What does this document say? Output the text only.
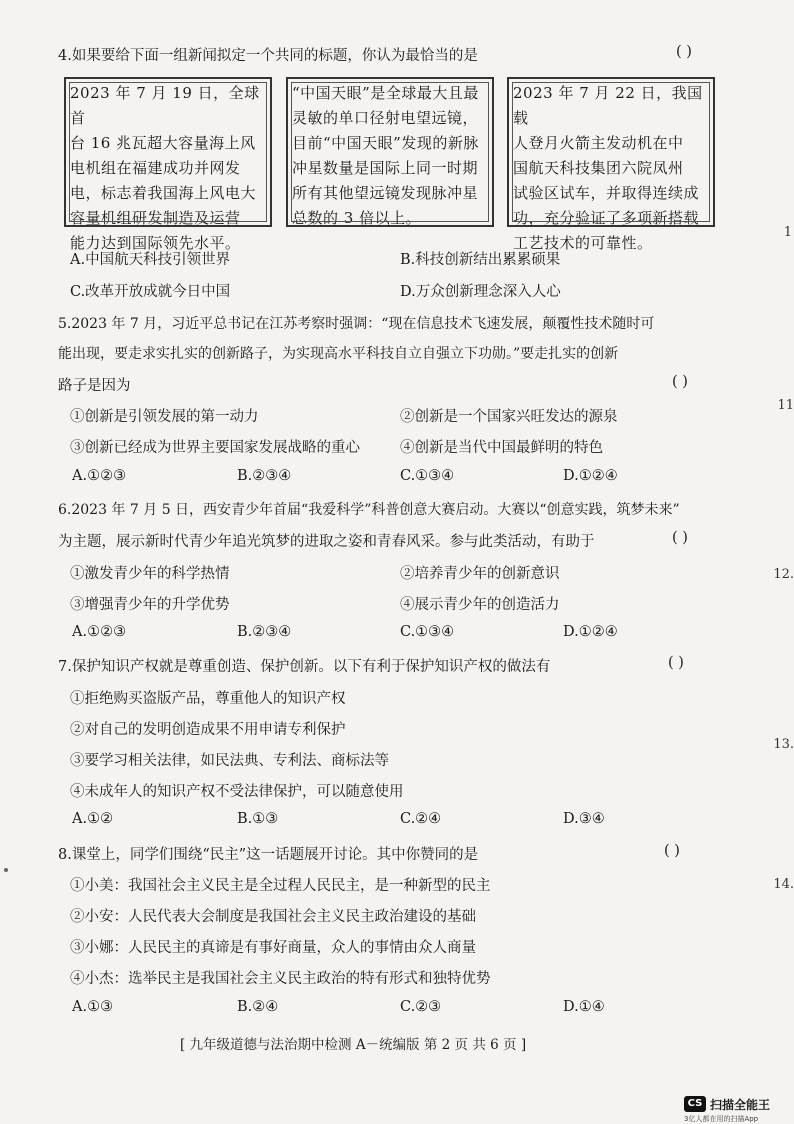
4.如果要给下面一组新闻拟定一个共同的标题，你认为最恰当的是	( )
2023 年 7 月 19 日，全球首
台 16 兆瓦超大容量海上风
电机组在福建成功并网发
电，标志着我国海上风电大
容量机组研发制造及运营
能力达到国际领先水平。
“中国天眼”是全球最大且最
灵敏的单口径射电望远镜，
目前“中国天眼”发现的新脉
冲星数量是国际上同一时期
所有其他望远镜发现脉冲星
总数的 3 倍以上。
2023 年 7 月 22 日，我国载
人登月火箭主发动机在中
国航天科技集团六院凤州
试验区试车，并取得连续成
功，充分验证了多项新搭载
工艺技术的可靠性。
A.中国航天科技引领世界	B.科技创新结出累累硕果
C.改革开放成就今日中国	D.万众创新理念深入人心
5.2023 年 7 月，习近平总书记在江苏考察时强调：“现在信息技术飞速发展，颠覆性技术随时可
能出现，要走求实扎实的创新路子，为实现高水平科技自立自强立下功勋。”要走扎实的创新
路子是因为	( )
①创新是引领发展的第一动力	②创新是一个国家兴旺发达的源泉
③创新已经成为世界主要国家发展战略的重心	④创新是当代中国最鲜明的特色
A.①②③	B.②③④	C.①③④	D.①②④
6.2023 年 7 月 5 日，西安青少年首届“我爱科学”科普创意大赛启动。大赛以“创意实践，筑梦未来”
为主题，展示新时代青少年追光筑梦的进取之姿和青春风采。参与此类活动，有助于	( )
①激发青少年的科学热情	②培养青少年的创新意识
③增强青少年的升学优势	④展示青少年的创造活力
A.①②③	B.②③④	C.①③④	D.①②④
7.保护知识产权就是尊重创造、保护创新。以下有利于保护知识产权的做法有	( )
①拒绝购买盗版产品，尊重他人的知识产权
②对自己的发明创造成果不用申请专利保护
③要学习相关法律，如民法典、专利法、商标法等
④未成年人的知识产权不受法律保护，可以随意使用
A.①②	B.①③	C.②④	D.③④
8.课堂上，同学们围绕“民主”这一话题展开讨论。其中你赞同的是	( )
①小美：我国社会主义民主是全过程人民民主，是一种新型的民主
②小安：人民代表大会制度是我国社会主义民主政治建设的基础
③小娜：人民民主的真谛是有事好商量，众人的事情由众人商量
④小杰：选举民主是我国社会主义民主政治的特有形式和独特优势
A.①③	B.②④	C.②③	D.①④
[ 九年级道德与法治期中检测 A－统编版 第 2 页 共 6 页 ]
1
11
12.
13.
14.
CS 扫描全能王
3亿人都在用的扫描App
